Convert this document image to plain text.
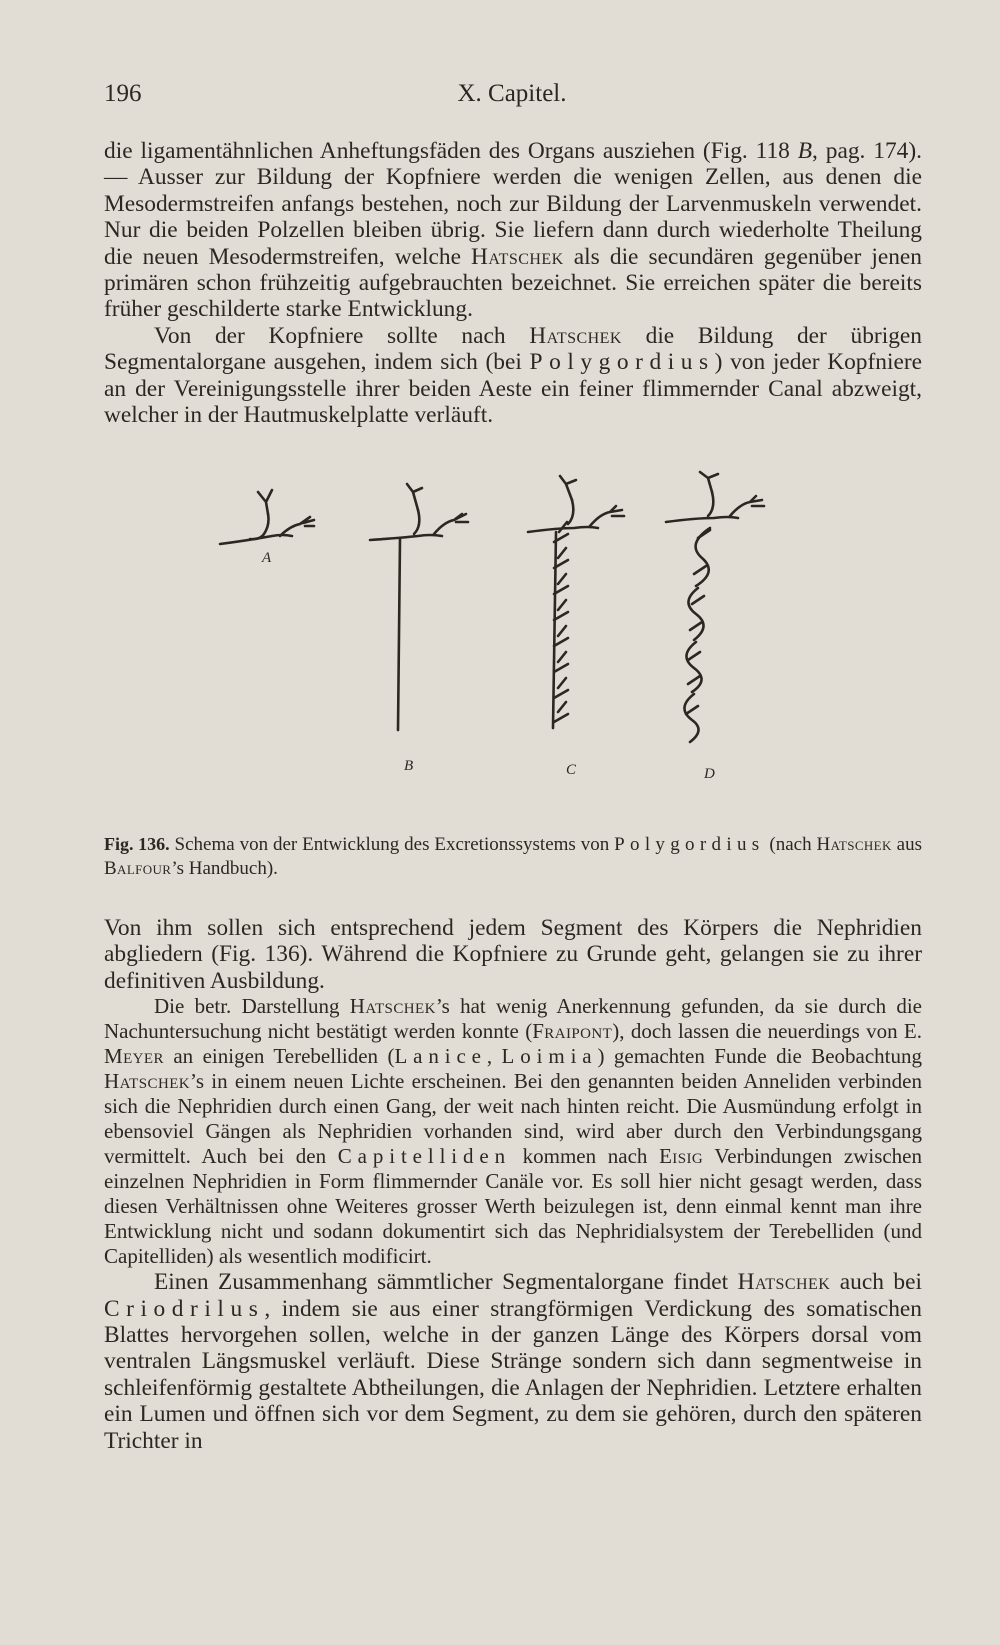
196	X. Capitel.

die ligamentähnlichen Anheftungsfäden des Organs ausziehen (Fig. 118 B, pag. 174). — Ausser zur Bildung der Kopfniere werden die wenigen Zellen, aus denen die Mesodermstreifen anfangs bestehen, noch zur Bildung der Larvenmuskeln verwendet. Nur die beiden Polzellen bleiben übrig. Sie liefern dann durch wiederholte Theilung die neuen Mesodermstreifen, welche Hatschek als die secundären gegenüber jenen primären schon frühzeitig aufgebrauchten bezeichnet. Sie erreichen später die bereits früher geschilderte starke Entwicklung.

Von der Kopfniere sollte nach Hatschek die Bildung der übrigen Segmentalorgane ausgehen, indem sich (bei Polygordius) von jeder Kopfniere an der Vereinigungsstelle ihrer beiden Aeste ein feiner flimmernder Canal abzweigt, welcher in der Hautmuskelplatte verläuft.

A
B	C	D
Fig. 136. Schema von der Entwicklung des Excretionssystems von Polygordius (nach Hatschek aus Balfour’s Handbuch).

Von ihm sollen sich entsprechend jedem Segment des Körpers die Nephridien abgliedern (Fig. 136). Während die Kopfniere zu Grunde geht, gelangen sie zu ihrer definitiven Ausbildung.

Die betr. Darstellung Hatschek’s hat wenig Anerkennung gefunden, da sie durch die Nachuntersuchung nicht bestätigt werden konnte (Fraipont), doch lassen die neuerdings von E. Meyer an einigen Terebelliden (Lanice, Loimia) gemachten Funde die Beobachtung Hatschek’s in einem neuen Lichte erscheinen. Bei den genannten beiden Anneliden verbinden sich die Nephridien durch einen Gang, der weit nach hinten reicht. Die Ausmündung erfolgt in ebensoviel Gängen als Nephridien vorhanden sind, wird aber durch den Verbindungsgang vermittelt. Auch bei den Capitelliden kommen nach Eisig Verbindungen zwischen einzelnen Nephridien in Form flimmernder Canäle vor. Es soll hier nicht gesagt werden, dass diesen Verhältnissen ohne Weiteres grosser Werth beizulegen ist, denn einmal kennt man ihre Entwicklung nicht und sodann dokumentirt sich das Nephridialsystem der Terebelliden (und Capitelliden) als wesentlich modificirt.

Einen Zusammenhang sämmtlicher Segmentalorgane findet Hatschek auch bei Criodrilus, indem sie aus einer strangförmigen Verdickung des somatischen Blattes hervorgehen sollen, welche in der ganzen Länge des Körpers dorsal vom ventralen Längsmuskel verläuft. Diese Stränge sondern sich dann segmentweise in schleifenförmig gestaltete Abtheilungen, die Anlagen der Nephridien. Letztere erhalten ein Lumen und öffnen sich vor dem Segment, zu dem sie gehören, durch den späteren Trichter in
